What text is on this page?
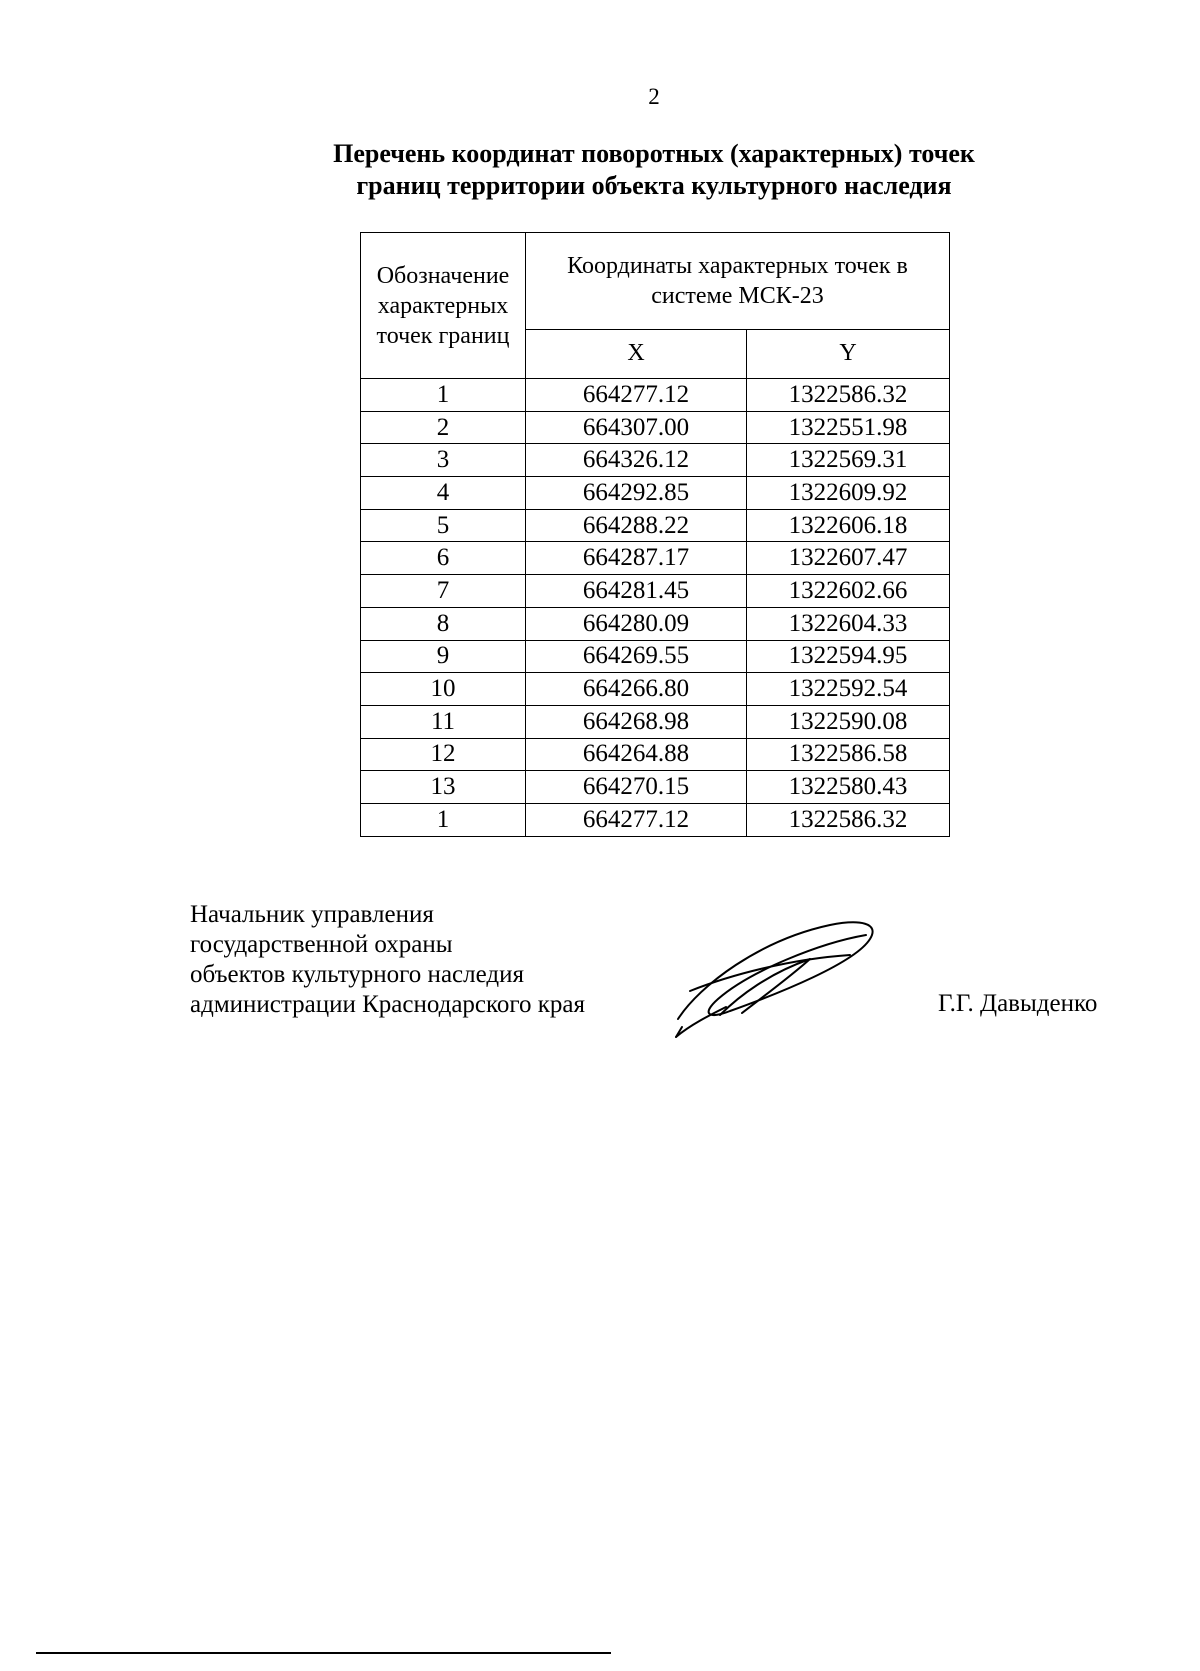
2
Перечень координат поворотных (характерных) точек
границ территории объекта культурного наследия
Обозначение
характерных
точек границ	Координаты характерных точек в
системе МСК-23	
	X	Y
1	664277.12	1322586.32
2	664307.00	1322551.98
3	664326.12	1322569.31
4	664292.85	1322609.92
5	664288.22	1322606.18
6	664287.17	1322607.47
7	664281.45	1322602.66
8	664280.09	1322604.33
9	664269.55	1322594.95
10	664266.80	1322592.54
11	664268.98	1322590.08
12	664264.88	1322586.58
13	664270.15	1322580.43
1	664277.12	1322586.32
Начальник управления
государственной охраны
объектов культурного наследия
администрации Краснодарского края	Г.Г. Давыденко
